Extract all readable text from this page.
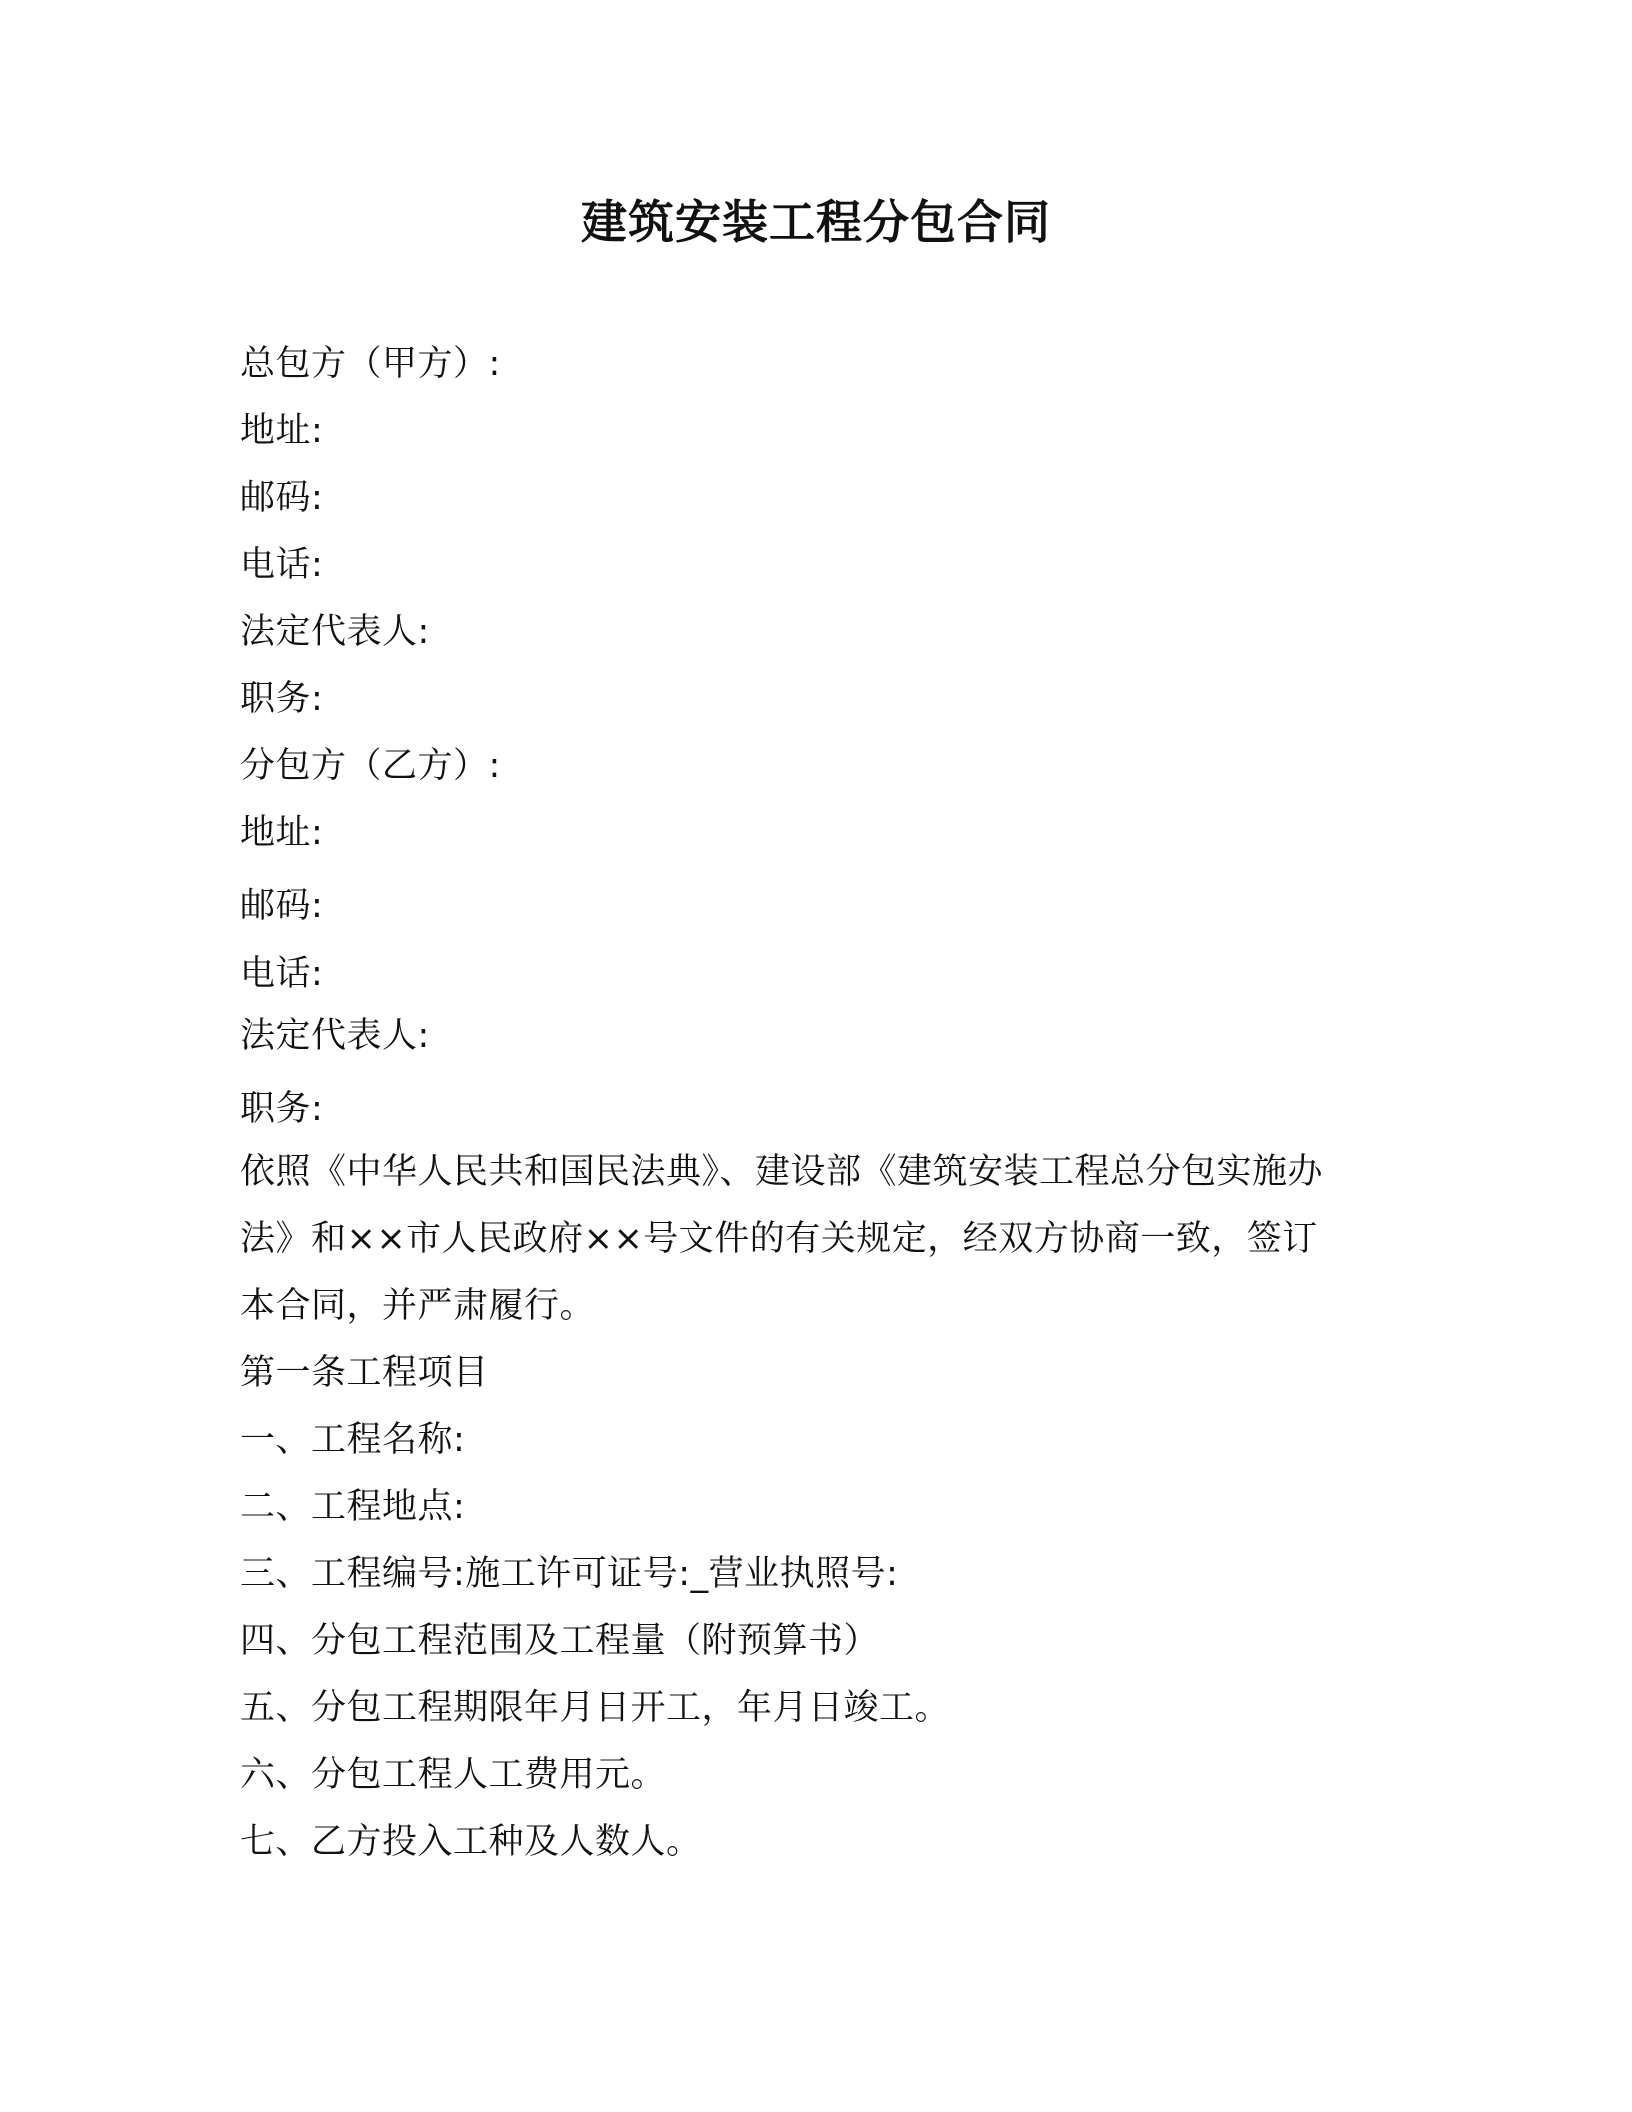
建筑安装工程分包合同
总包方（甲方）:
地址:
邮码:
电话:
法定代表人:
职务:
分包方（乙方）:
地址:
邮码:
电话:
法定代表人:
职务:
依照《中华人民共和国民法典》、建设部《建筑安装工程总分包实施办
法》和××市人民政府××号文件的有关规定，经双方协商一致，签订
本合同，并严肃履行。
第一条工程项目
一、工程名称:
二、工程地点:
三、工程编号:施工许可证号:_营业执照号:
四、分包工程范围及工程量（附预算书）
五、分包工程期限年月日开工，年月日竣工。
六、分包工程人工费用元。
七、乙方投入工种及人数人。
